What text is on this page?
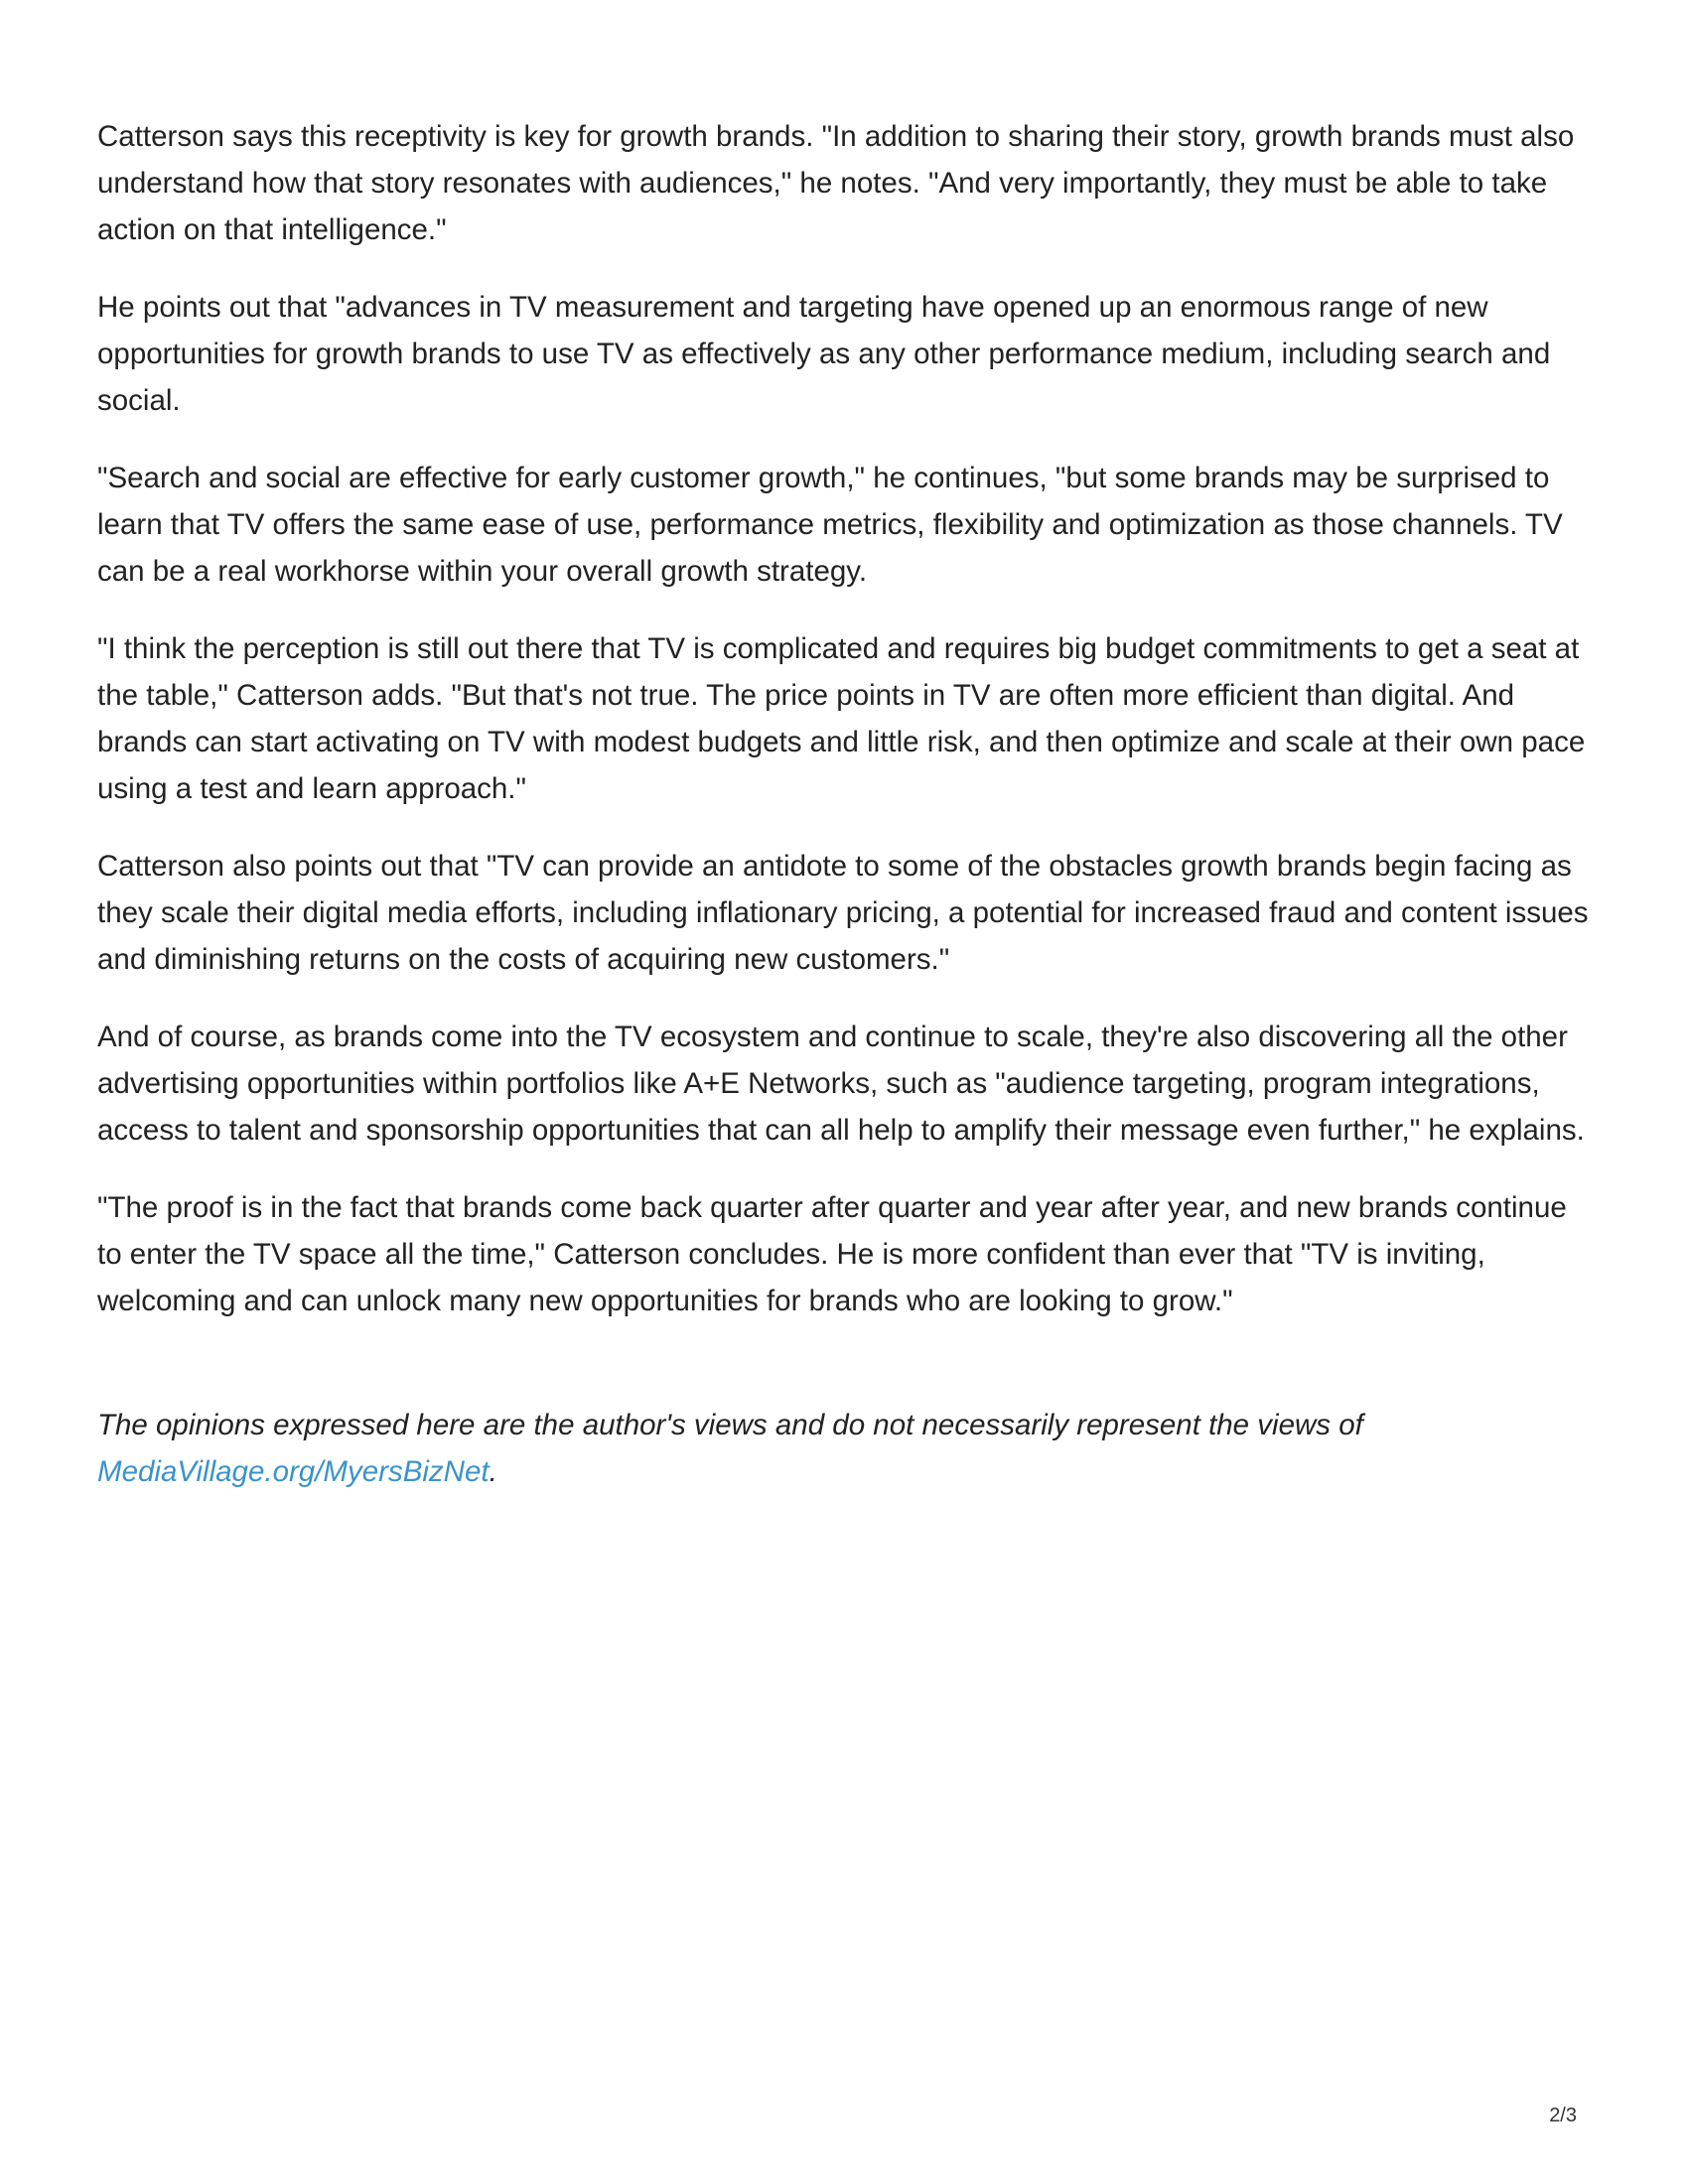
Catterson says this receptivity is key for growth brands. "In addition to sharing their story, growth brands must also understand how that story resonates with audiences," he notes. "And very importantly, they must be able to take action on that intelligence."

He points out that "advances in TV measurement and targeting have opened up an enormous range of new opportunities for growth brands to use TV as effectively as any other performance medium, including search and social.

"Search and social are effective for early customer growth," he continues, "but some brands may be surprised to learn that TV offers the same ease of use, performance metrics, flexibility and optimization as those channels. TV can be a real workhorse within your overall growth strategy.

"I think the perception is still out there that TV is complicated and requires big budget commitments to get a seat at the table," Catterson adds. "But that's not true. The price points in TV are often more efficient than digital. And brands can start activating on TV with modest budgets and little risk, and then optimize and scale at their own pace using a test and learn approach."

Catterson also points out that "TV can provide an antidote to some of the obstacles growth brands begin facing as they scale their digital media efforts, including inflationary pricing, a potential for increased fraud and content issues and diminishing returns on the costs of acquiring new customers."

And of course, as brands come into the TV ecosystem and continue to scale, they're also discovering all the other advertising opportunities within portfolios like A+E Networks, such as "audience targeting, program integrations, access to talent and sponsorship opportunities that can all help to amplify their message even further," he explains.

"The proof is in the fact that brands come back quarter after quarter and year after year, and new brands continue to enter the TV space all the time," Catterson concludes. He is more confident than ever that "TV is inviting, welcoming and can unlock many new opportunities for brands who are looking to grow."

The opinions expressed here are the author's views and do not necessarily represent the views of MediaVillage.org/MyersBizNet.

2/3
